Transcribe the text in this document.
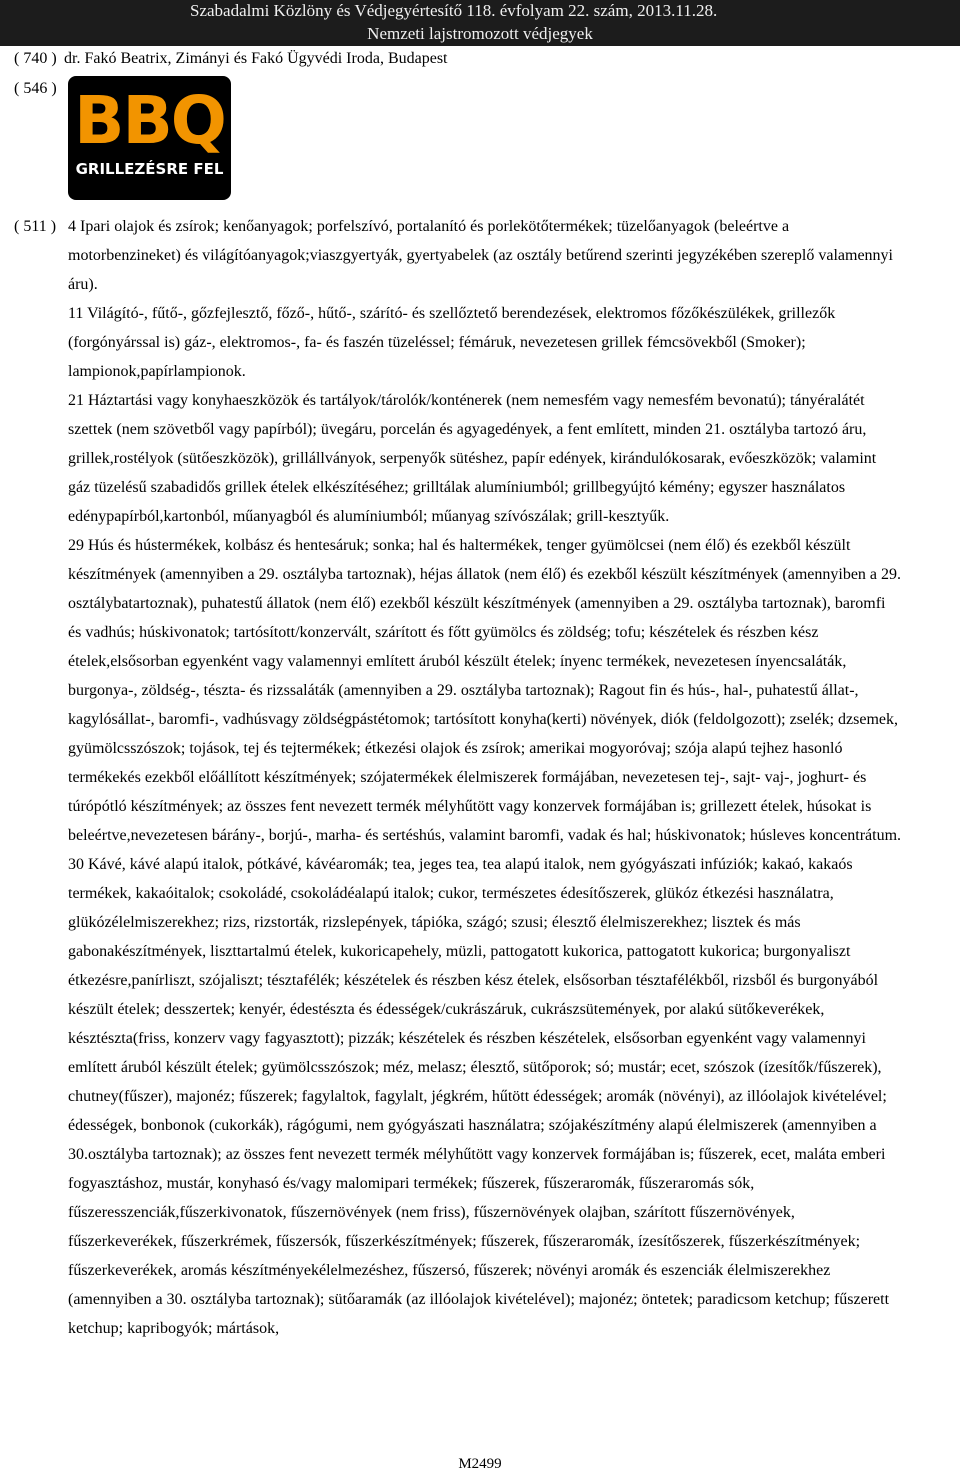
Szabadalmi Közlöny és Védjegyértesítő 118. évfolyam 22. szám, 2013.11.28.
Nemzeti lajstromozott védjegyek
( 740 ) dr. Fakó Beatrix, Zimányi és Fakó Ügyvédi Iroda, Budapest
( 546 ) BBQ
GRILLEZÉSRE FEL
( 511 ) 4 Ipari olajok és zsírok; kenőanyagok; porfelszívó, portalanító és porlekötőtermékek; tüzelőanyagok (beleértve a motorbenzineket) és világítóanyagok;viaszgyertyák, gyertyabelek (az osztály betűrend szerinti jegyzékében szereplő valamennyi áru).

11 Világító-, fűtő-, gőzfejlesztő, főző-, hűtő-, szárító- és szellőztető berendezések, elektromos főzőkészülékek, grillezők (forgónyárssal is) gáz-, elektromos-, fa- és faszén tüzeléssel; fémáruk, nevezetesen grillek fémcsövekből (Smoker); lampionok,papírlampionok.

21 Háztartási vagy konyhaeszközök és tartályok/tárolók/konténerek (nem nemesfém vagy nemesfém bevonatú); tányéralátét szettek (nem szövetből vagy papírból); üvegáru, porcelán és agyagedények, a fent említett, minden 21. osztályba tartozó áru, grillek,rostélyok (sütőeszközök), grillállványok, serpenyők sütéshez, papír edények, kirándulókosarak, evőeszközök; valamint gáz tüzelésű szabadidős grillek ételek elkészítéséhez; grilltálak alumíniumból; grillbegyújtó kémény; egyszer használatos edénypapírból,kartonból, műanyagból és alumíniumból; műanyag szívószálak; grill-kesztyűk.

29 Hús és hústermékek, kolbász és hentesáruk; sonka; hal és haltermékek, tenger gyümölcsei (nem élő) és ezekből készült készítmények (amennyiben a 29. osztályba tartoznak), héjas állatok (nem élő) és ezekből készült készítmények (amennyiben a 29. osztálybatartoznak), puhatestű állatok (nem élő) ezekből készült készítmények (amennyiben a 29. osztályba tartoznak), baromfi és vadhús; húskivonatok; tartósított/konzervált, szárított és főtt gyümölcs és zöldség; tofu; készételek és részben kész ételek,elsősorban egyenként vagy valamennyi említett áruból készült ételek; ínyenc termékek, nevezetesen ínyencsaláták, burgonya-, zöldség-, tészta- és rizssaláták (amennyiben a 29. osztályba tartoznak); Ragout fin és hús-, hal-, puhatestű állat-, kagylósállat-, baromfi-, vadhúsvagy zöldségpástétomok; tartósított konyha(kerti) növények, diók (feldolgozott); zselék; dzsemek, gyümölcsszószok; tojások, tej és tejtermékek; étkezési olajok és zsírok; amerikai mogyoróvaj; szója alapú tejhez hasonló termékekés ezekből előállított készítmények; szójatermékek élelmiszerek formájában, nevezetesen tej-, sajt- vaj-, joghurt- és túrópótló készítmények; az összes fent nevezett termék mélyhűtött vagy konzervek formájában is; grillezett ételek, húsokat is beleértve,nevezetesen bárány-, borjú-, marha- és sertéshús, valamint baromfi, vadak és hal; húskivonatok; húsleves koncentrátum.

30 Kávé, kávé alapú italok, pótkávé, kávéaromák; tea, jeges tea, tea alapú italok, nem gyógyászati infúziók; kakaó, kakaós termékek, kakaóitalok; csokoládé, csokoládéalapú italok; cukor, természetes édesítőszerek, glükóz étkezési használatra, glükózélelmiszerekhez; rizs, rizstorták, rizslepények, tápióka, szágó; szusi; élesztő élelmiszerekhez; lisztek és más gabonakészítmények, liszttartalmú ételek, kukoricapehely, müzli, pattogatott kukorica, pattogatott kukorica; burgonyaliszt étkezésre,panírliszt, szójaliszt; tésztafélék; készételek és részben kész ételek, elsősorban tésztafélékből, rizsből és burgonyából készült ételek; desszertek; kenyér, édestészta és édességek/cukrászáruk, cukrászsütemények, por alakú sütőkeverékek, késztészta(friss, konzerv vagy fagyasztott); pizzák; készételek és részben készételek, elsősorban egyenként vagy valamennyi említett áruból készült ételek; gyümölcsszószok; méz, melasz; élesztő, sütőporok; só; mustár; ecet, szószok (ízesítők/fűszerek), chutney(fűszer), majonéz; fűszerek; fagylaltok, fagylalt, jégkrém, hűtött édességek; aromák (növényi), az illóolajok kivételével; édességek, bonbonok (cukorkák), rágógumi, nem gyógyászati használatra; szójakészítmény alapú élelmiszerek (amennyiben a 30.osztályba tartoznak); az összes fent nevezett termék mélyhűtött vagy konzervek formájában is; fűszerek, ecet, maláta emberi fogyasztáshoz, mustár, konyhasó és/vagy malomipari termékek; fűszerek, fűszeraromák, fűszeraromás sók, fűszeresszenciák,fűszerkivonatok, fűszernövények (nem friss), fűszernövények olajban, szárított fűszernövények, fűszerkeverékek, fűszerkrémek, fűszersók, fűszerkészítmények; fűszerek, fűszeraromák, ízesítőszerek, fűszerkészítmények; fűszerkeverékek, aromás készítményekélelmezéshez, fűszersó, fűszerek; növényi aromák és eszenciák élelmiszerekhez (amennyiben a 30. osztályba tartoznak); sütőaramák (az illóolajok kivételével); majonéz; öntetek; paradicsom ketchup; fűszerett ketchup; kapribogyók; mártások,

M2499
